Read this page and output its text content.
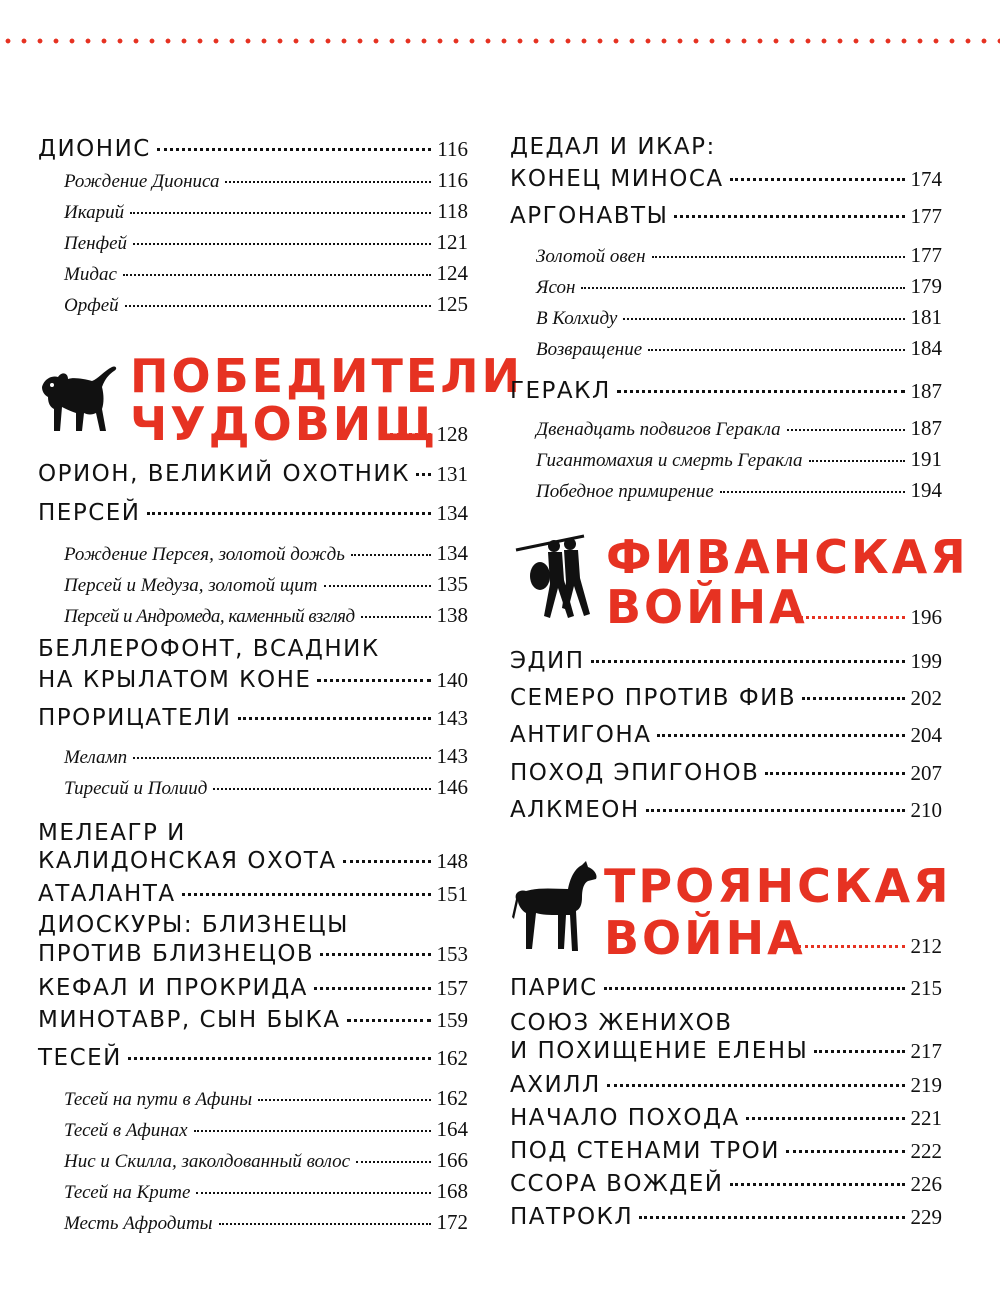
ДИОНИС	116
Рождение Диониса	116
Икарий	118
Пенфей	121
Мидас	124
Орфей	125
ПОБЕДИТЕЛИ
ЧУДОВИЩ
128
ОРИОН, ВЕЛИКИЙ ОХОТНИК 131
ПЕРСЕЙ	134
Рождение Персея, золотой дождь	134
Персей и Медуза, золотой щит	135
Персей и Андромеда, каменный взгляд	138
БЕЛЛЕРОФОНТ, ВСАДНИК
НА КРЫЛАТОМ КОНЕ	140
ПРОРИЦАТЕЛИ	143
Меламп	143
Тиресий и Полиид	146
МЕЛЕАГР И
КАЛИДОНСКАЯ ОХОТА	148
АТАЛАНТА	151
ДИОСКУРЫ: БЛИЗНЕЦЫ
ПРОТИВ БЛИЗНЕЦОВ	153
КЕФАЛ И ПРОКРИДА	157
МИНОТАВР, СЫН БЫКА	159
ТЕСЕЙ	162
Тесей на пути в Афины	162
Тесей в Афинах	164
Нис и Скилла, заколдованный волос	166
Тесей на Крите	168
Месть Афродиты	172
ДЕДАЛ И ИКАР:
КОНЕЦ МИНОСА	174
АРГОНАВТЫ	177
Золотой овен	177
Ясон	179
В Колхиду	181
Возвращение	184
ГЕРАКЛ	187
Двенадцать подвигов Геракла	187
Гигантомахия и смерть Геракла	191
Победное примирение	194
ФИВАНСКАЯ
ВОЙНА	196
ЭДИП	199
СЕМЕРО ПРОТИВ ФИВ	202
АНТИГОНА	204
ПОХОД ЭПИГОНОВ	207
АЛКМЕОН	210
ТРОЯНСКАЯ
ВОЙНА	212
ПАРИС	215
СОЮЗ ЖЕНИХОВ
И ПОХИЩЕНИЕ ЕЛЕНЫ	217
АХИЛЛ	219
НАЧАЛО ПОХОДА	221
ПОД СТЕНАМИ ТРОИ	222
ССОРА ВОЖДЕЙ	226
ПАТРОКЛ	229
